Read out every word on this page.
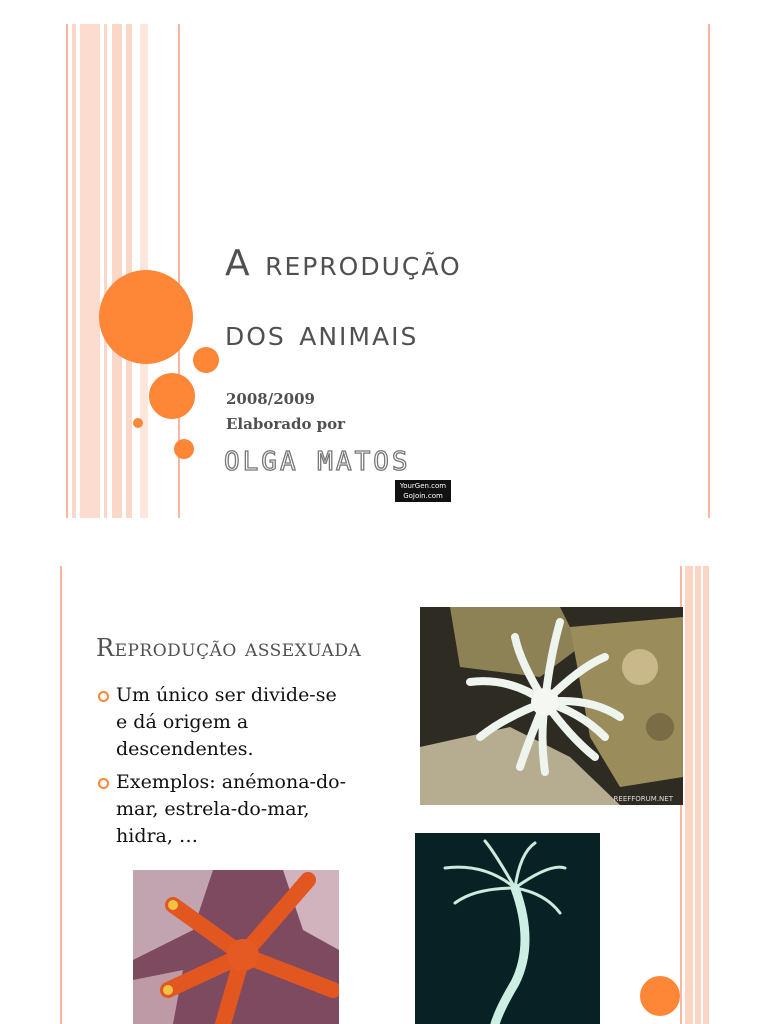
A reprodução
dos animais
2008/2009
Elaborado por
OLGA MATOS
YourGen.com
GoJoin.com
Reprodução assexuada
Um único ser divide-se e dá origem a descendentes.
Exemplos: anémona-do-mar, estrela-do-mar, hidra, …
REEFFORUM.NET
